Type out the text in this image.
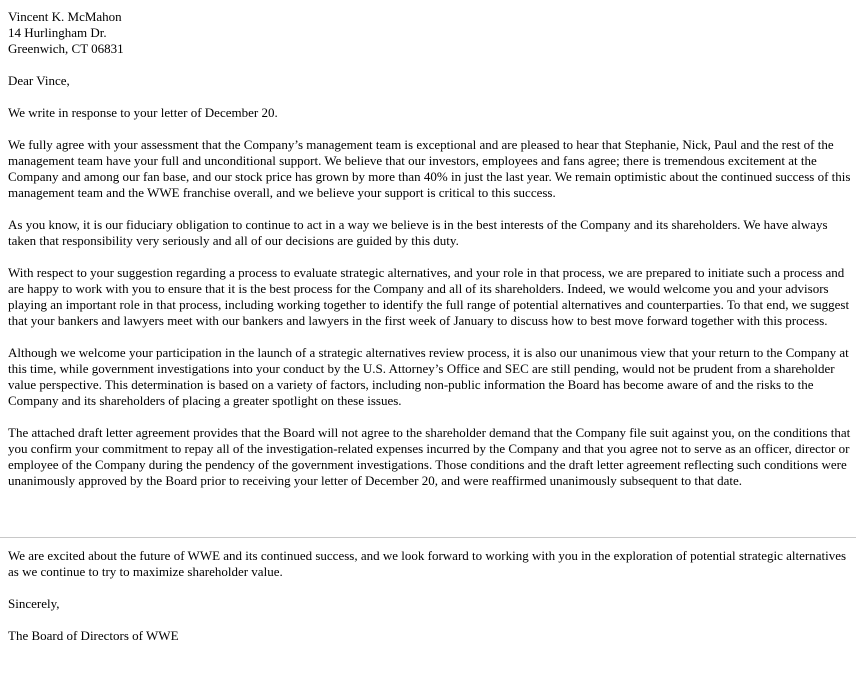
Vincent K. McMahon
14 Hurlingham Dr.
Greenwich, CT 06831

Dear Vince,

We write in response to your letter of December 20.

We fully agree with your assessment that the Company’s management team is exceptional and are pleased to hear that Stephanie, Nick, Paul and the rest of the management team have your full and unconditional support. We believe that our investors, employees and fans agree; there is tremendous excitement at the Company and among our fan base, and our stock price has grown by more than 40% in just the last year. We remain optimistic about the continued success of this management team and the WWE franchise overall, and we believe your support is critical to this success.

As you know, it is our fiduciary obligation to continue to act in a way we believe is in the best interests of the Company and its shareholders. We have always taken that responsibility very seriously and all of our decisions are guided by this duty.

With respect to your suggestion regarding a process to evaluate strategic alternatives, and your role in that process, we are prepared to initiate such a process and are happy to work with you to ensure that it is the best process for the Company and all of its shareholders. Indeed, we would welcome you and your advisors playing an important role in that process, including working together to identify the full range of potential alternatives and counterparties. To that end, we suggest that your bankers and lawyers meet with our bankers and lawyers in the first week of January to discuss how to best move forward together with this process.

Although we welcome your participation in the launch of a strategic alternatives review process, it is also our unanimous view that your return to the Company at this time, while government investigations into your conduct by the U.S. Attorney’s Office and SEC are still pending, would not be prudent from a shareholder value perspective. This determination is based on a variety of factors, including non-public information the Board has become aware of and the risks to the Company and its shareholders of placing a greater spotlight on these issues.

The attached draft letter agreement provides that the Board will not agree to the shareholder demand that the Company file suit against you, on the conditions that you confirm your commitment to repay all of the investigation-related expenses incurred by the Company and that you agree not to serve as an officer, director or employee of the Company during the pendency of the government investigations. Those conditions and the draft letter agreement reflecting such conditions were unanimously approved by the Board prior to receiving your letter of December 20, and were reaffirmed unanimously subsequent to that date.

We are excited about the future of WWE and its continued success, and we look forward to working with you in the exploration of potential strategic alternatives as we continue to try to maximize shareholder value.

Sincerely,

The Board of Directors of WWE
